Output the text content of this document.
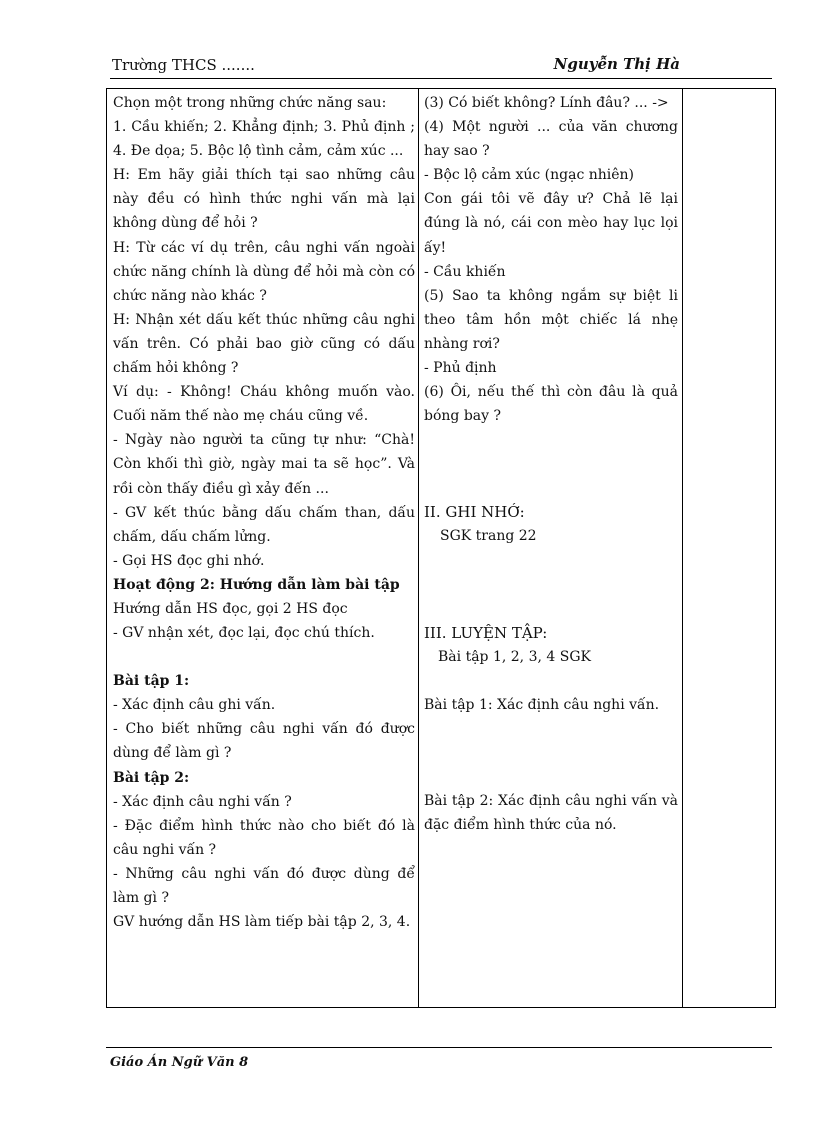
Trường THCS .......	Nguyễn Thị Hà

Chọn một trong những chức năng sau:

1. Cầu khiến; 2. Khẳng định; 3. Phủ định ; 4. Đe dọa; 5. Bộc lộ tình cảm, cảm xúc ...

H: Em hãy giải thích tại sao những câu này đều có hình thức nghi vấn mà lại không dùng để hỏi ?

H: Từ các ví dụ trên, câu nghi vấn ngoài chức năng chính là dùng để hỏi mà còn có chức năng nào khác ?

H: Nhận xét dấu kết thúc những câu nghi vấn trên. Có phải bao giờ cũng có dấu chấm hỏi không ?

Ví dụ: - Không! Cháu không muốn vào. Cuối năm thế nào mẹ cháu cũng về.

- Ngày nào người ta cũng tự như: “Chà! Còn khối thì giờ, ngày mai ta sẽ học”. Và rồi còn thấy điều gì xảy đến ...

- GV kết thúc bằng dấu chấm than, dấu chấm, dấu chấm lửng.

- Gọi HS đọc ghi nhớ.

Hoạt động 2: Hướng dẫn làm bài tập

Hướng dẫn HS đọc, gọi 2 HS đọc

- GV nhận xét, đọc lại, đọc chú thích.

Bài tập 1:

- Xác định câu ghi vấn.

- Cho biết những câu nghi vấn đó được dùng để làm gì ?

Bài tập 2:

- Xác định câu nghi vấn ?

- Đặc điểm hình thức nào cho biết đó là câu nghi vấn ?

- Những câu nghi vấn đó được dùng để làm gì ?

GV hướng dẫn HS làm tiếp bài tập 2, 3, 4.

(3) Có biết không? Lính đâu? ... ->

(4) Một người ... của văn chương hay sao ?

- Bộc lộ cảm xúc (ngạc nhiên)

Con gái tôi vẽ đây ư? Chả lẽ lại đúng là nó, cái con mèo hay lục lọi ấy!

- Cầu khiến

(5) Sao ta không ngắm sự biệt li theo tâm hồn một chiếc lá nhẹ nhàng rơi?

- Phủ định

(6) Ôi, nếu thế thì còn đâu là quả bóng bay ?

II. GHI NHỚ:

SGK trang 22

III. LUYỆN TẬP:

Bài tập 1, 2, 3, 4 SGK

Bài tập 1: Xác định câu nghi vấn.

Bài tập 2: Xác định câu nghi vấn và đặc điểm hình thức của nó.

Giáo Án Ngữ Văn 8
